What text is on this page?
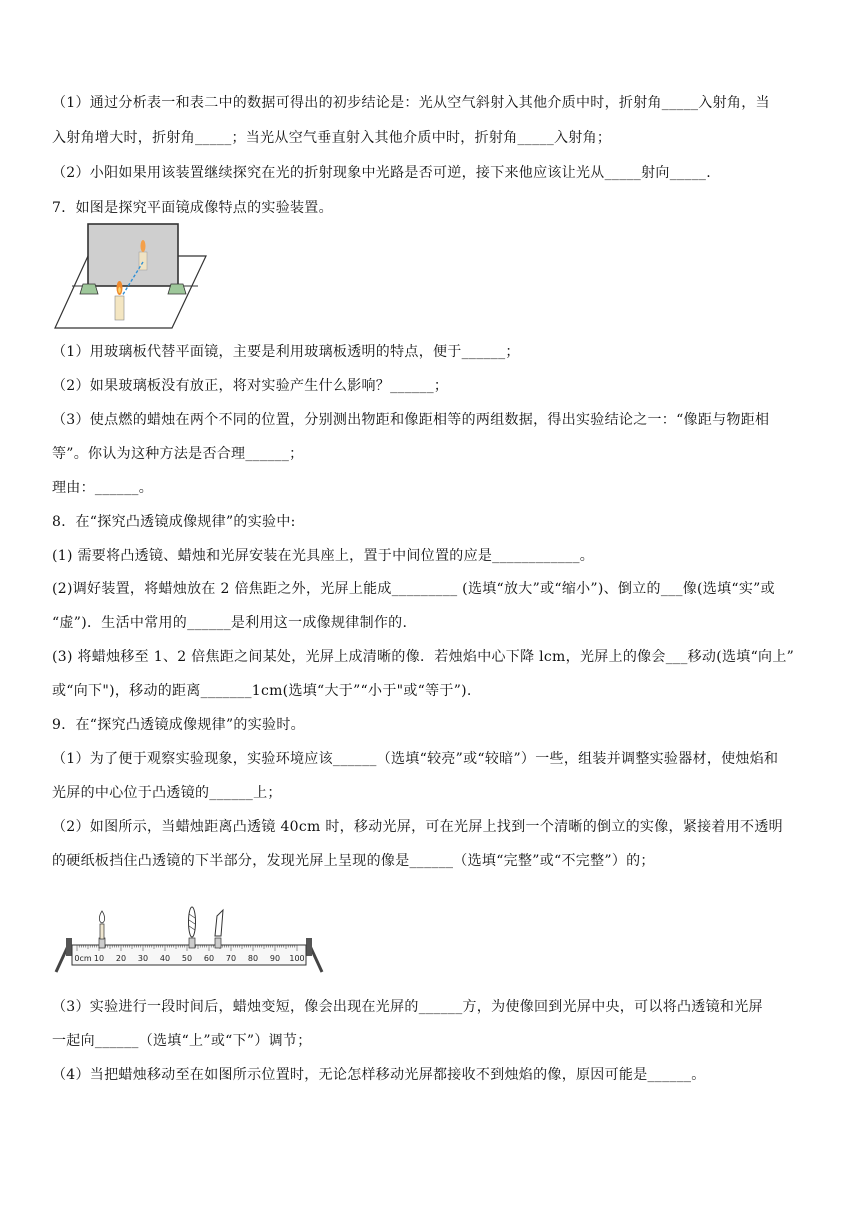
（1）通过分析表一和表二中的数据可得出的初步结论是：光从空气斜射入其他介质中时，折射角_____入射角，当
入射角增大时，折射角_____；当光从空气垂直射入其他介质中时，折射角_____入射角；
（2）小阳如果用该装置继续探究在光的折射现象中光路是否可逆，接下来他应该让光从_____射向_____.
7．如图是探究平面镜成像特点的实验装置。
（1）用玻璃板代替平面镜，主要是利用玻璃板透明的特点，便于______；
（2）如果玻璃板没有放正，将对实验产生什么影响？______；
（3）使点燃的蜡烛在两个不同的位置，分别测出物距和像距相等的两组数据，得出实验结论之一：“像距与物距相
等”。你认为这种方法是否合理______；
理由：______。
8．在“探究凸透镜成像规律”的实验中:
(1) 需要将凸透镜、蜡烛和光屏安装在光具座上，置于中间位置的应是____________。
(2)调好装置，将蜡烛放在 2 倍焦距之外，光屏上能成_________ (选填“放大”或“缩小”)、倒立的___像(选填“实”或
“虚”)．生活中常用的______是利用这一成像规律制作的.
(3) 将蜡烛移至 1、2 倍焦距之间某处，光屏上成清晰的像．若烛焰中心下降 lcm，光屏上的像会___移动(选填“向上”
或“向下")，移动的距离_______1cm(选填“大于”“小于"或“等于”).
9．在“探究凸透镜成像规律”的实验时。
（1）为了便于观察实验现象，实验环境应该______（选填“较亮”或“较暗”）一些，组装并调整实验器材，使烛焰和
光屏的中心位于凸透镜的______上；
（2）如图所示，当蜡烛距离凸透镜 40cm 时，移动光屏，可在光屏上找到一个清晰的倒立的实像，紧接着用不透明
的硬纸板挡住凸透镜的下半部分，发现光屏上呈现的像是______（选填“完整”或“不完整”）的；
0cm 10 20 30 40 50 60 70 80 90 100
（3）实验进行一段时间后，蜡烛变短，像会出现在光屏的______方，为使像回到光屏中央，可以将凸透镜和光屏
一起向______（选填“上”或“下”）调节；
（4）当把蜡烛移动至在如图所示位置时，无论怎样移动光屏都接收不到烛焰的像，原因可能是______。
